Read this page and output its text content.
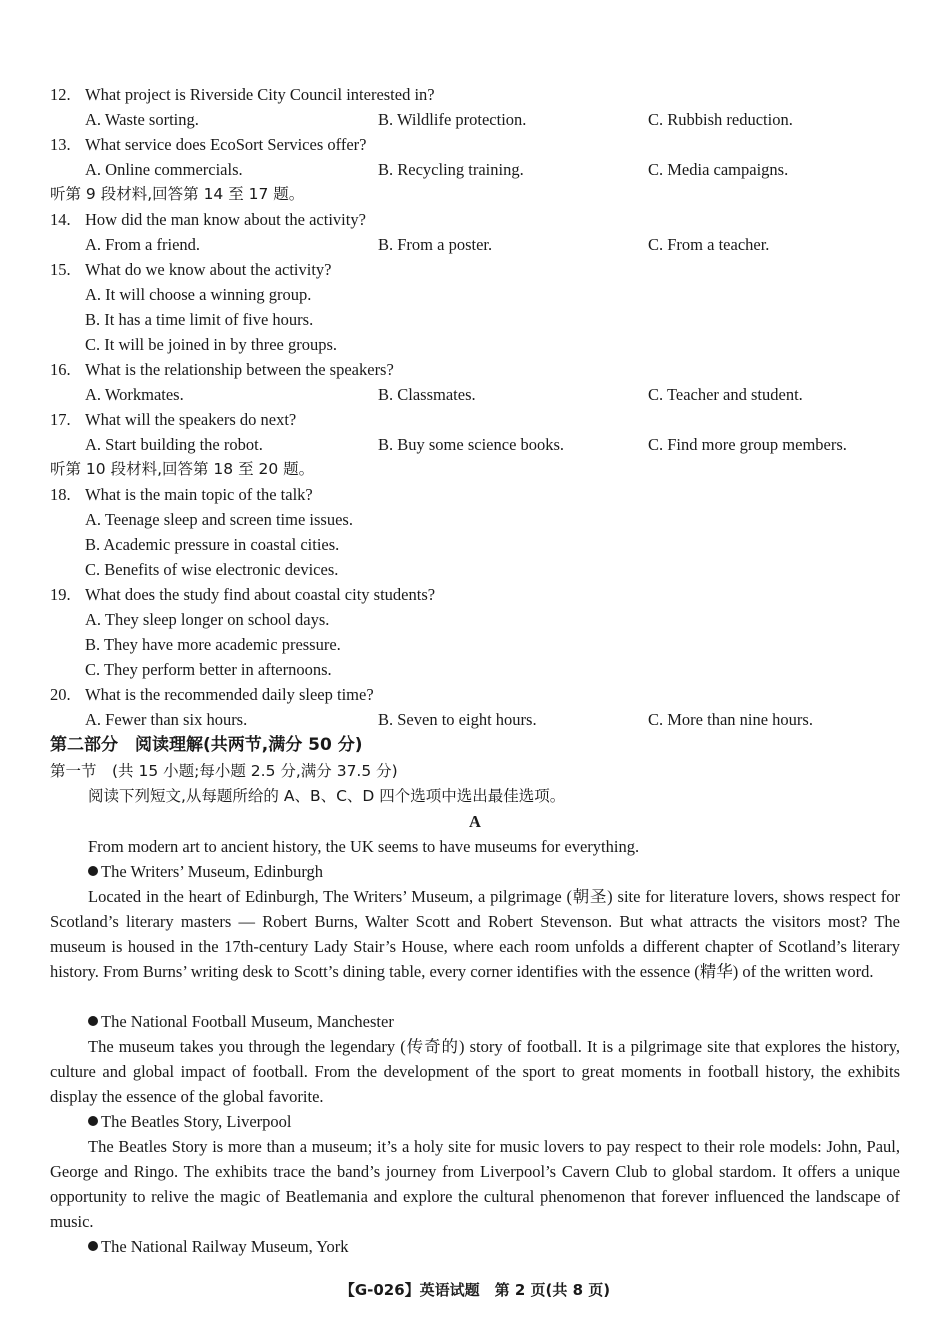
12. What project is Riverside City Council interested in?
A. Waste sorting.	B. Wildlife protection.	C. Rubbish reduction.
13. What service does EcoSort Services offer?
A. Online commercials.	B. Recycling training.	C. Media campaigns.
听第 9 段材料,回答第 14 至 17 题。
14. How did the man know about the activity?
A. From a friend.	B. From a poster.	C. From a teacher.
15. What do we know about the activity?
A. It will choose a winning group.
B. It has a time limit of five hours.
C. It will be joined in by three groups.
16. What is the relationship between the speakers?
A. Workmates.	B. Classmates.	C. Teacher and student.
17. What will the speakers do next?
A. Start building the robot.	B. Buy some science books.	C. Find more group members.
听第 10 段材料,回答第 18 至 20 题。
18. What is the main topic of the talk?
A. Teenage sleep and screen time issues.
B. Academic pressure in coastal cities.
C. Benefits of wise electronic devices.
19. What does the study find about coastal city students?
A. They sleep longer on school days.
B. They have more academic pressure.
C. They perform better in afternoons.
20. What is the recommended daily sleep time?
A. Fewer than six hours.	B. Seven to eight hours.	C. More than nine hours.
第二部分　阅读理解(共两节,满分 50 分)
第一节　(共 15 小题;每小题 2.5 分,满分 37.5 分)
阅读下列短文,从每题所给的 A、B、C、D 四个选项中选出最佳选项。
A
From modern art to ancient history, the UK seems to have museums for everything.
The Writers’ Museum, Edinburgh
Located in the heart of Edinburgh, The Writers’ Museum, a pilgrimage (朝圣) site for literature lovers, shows respect for Scotland’s literary masters — Robert Burns, Walter Scott and Robert Stevenson. But what attracts the visitors most? The museum is housed in the 17th-century Lady Stair’s House, where each room unfolds a different chapter of Scotland’s literary history. From Burns’ writing desk to Scott’s dining table, every corner identifies with the essence (精华) of the written word.
The National Football Museum, Manchester
The museum takes you through the legendary (传奇的) story of football. It is a pilgrimage site that explores the history, culture and global impact of football. From the development of the sport to great moments in football history, the exhibits display the essence of the global favorite.
The Beatles Story, Liverpool
The Beatles Story is more than a museum; it’s a holy site for music lovers to pay respect to their role models: John, Paul, George and Ringo. The exhibits trace the band’s journey from Liverpool’s Cavern Club to global stardom. It offers a unique opportunity to relive the magic of Beatlemania and explore the cultural phenomenon that forever influenced the landscape of music.
The National Railway Museum, York
【G-026】英语试题　第 2 页(共 8 页)
